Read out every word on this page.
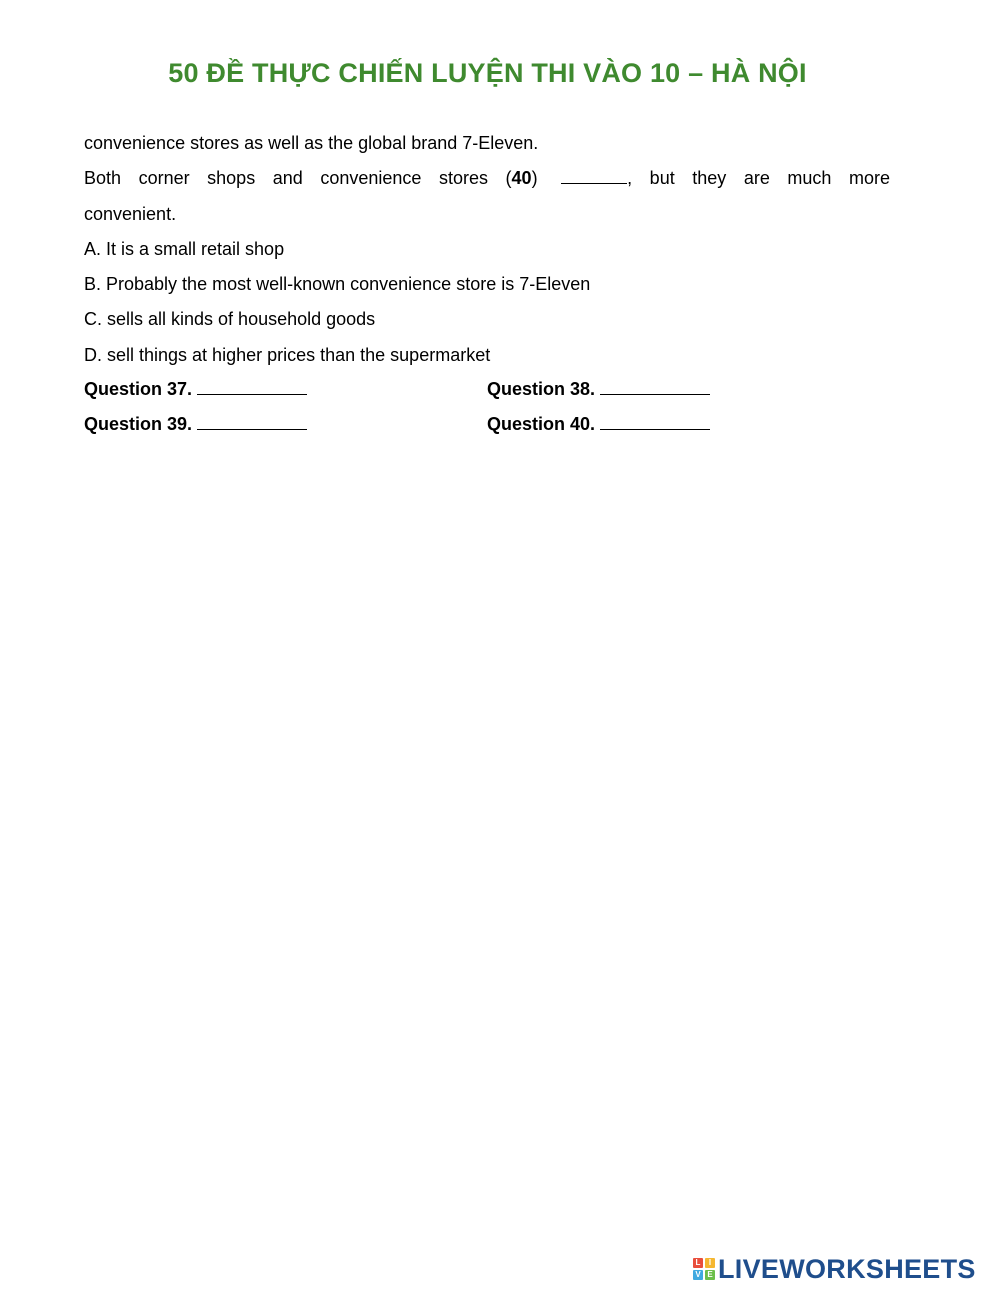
50 ĐỀ THỰC CHIẾN LUYỆN THI VÀO 10 – HÀ NỘI

convenience stores as well as the global brand 7-Eleven.

Both corner shops and convenience stores (40)	, but they are much more
convenient.

A. It is a small retail shop

B. Probably the most well-known convenience store is 7-Eleven

C. sells all kinds of household goods

D. sell things at higher prices than the supermarket

Question 37.	Question 38.
Question 39.	Question 40.
L	I
V E LIVEWORKSHEETS
